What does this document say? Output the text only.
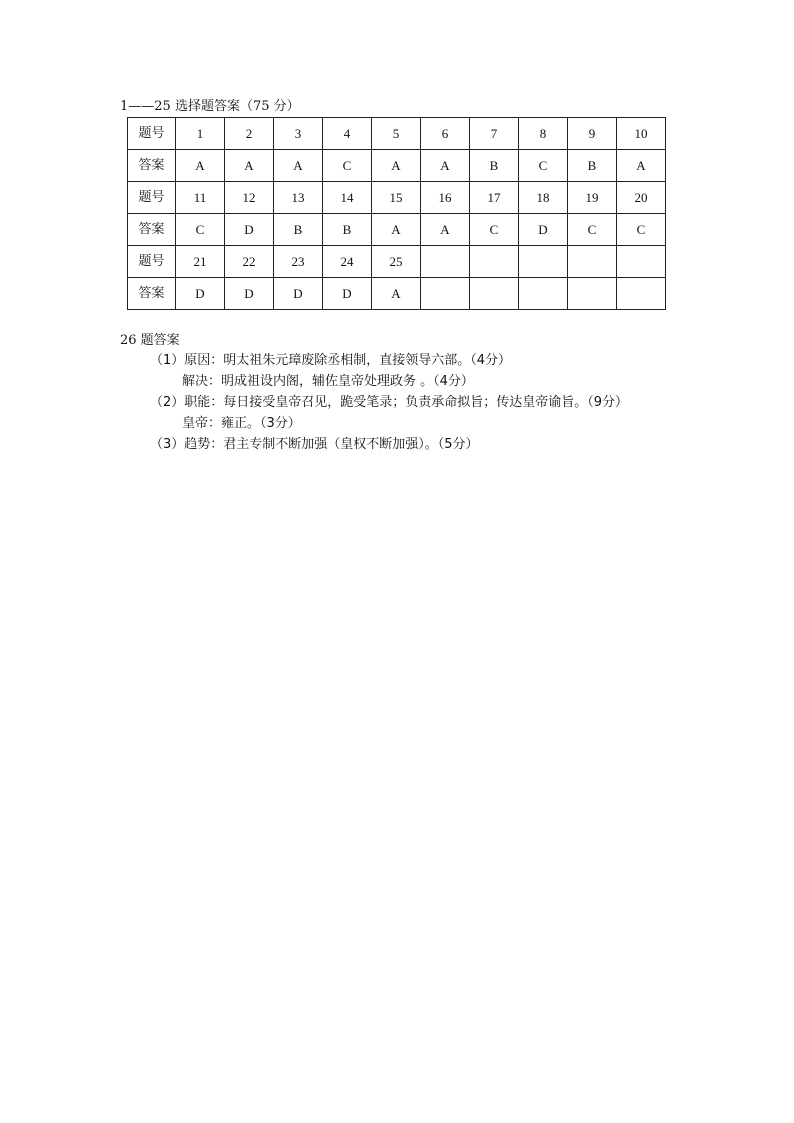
1——25 选择题答案（75 分）
题号	1	2	3	4	5	6	7	8	9	10
答案	A	A	A	C	A	A	B	C	B	A
题号	11	12	13	14	15	16	17	18	19	20
答案	C	D	B	B	A	A	C	D	C	C
题号	21	22	23	24	25					
答案	D	D	D	D	A					
26 题答案
（1）原因：明太祖朱元璋废除丞相制，直接领导六部。（4分）
解决：明成祖设内阁，辅佐皇帝处理政务 。（4分）
（2）职能：每日接受皇帝召见，跪受笔录；负责承命拟旨；传达皇帝谕旨。（9分）
皇帝：雍正。（3分）
（3）趋势：君主专制不断加强（皇权不断加强）。（5分）
